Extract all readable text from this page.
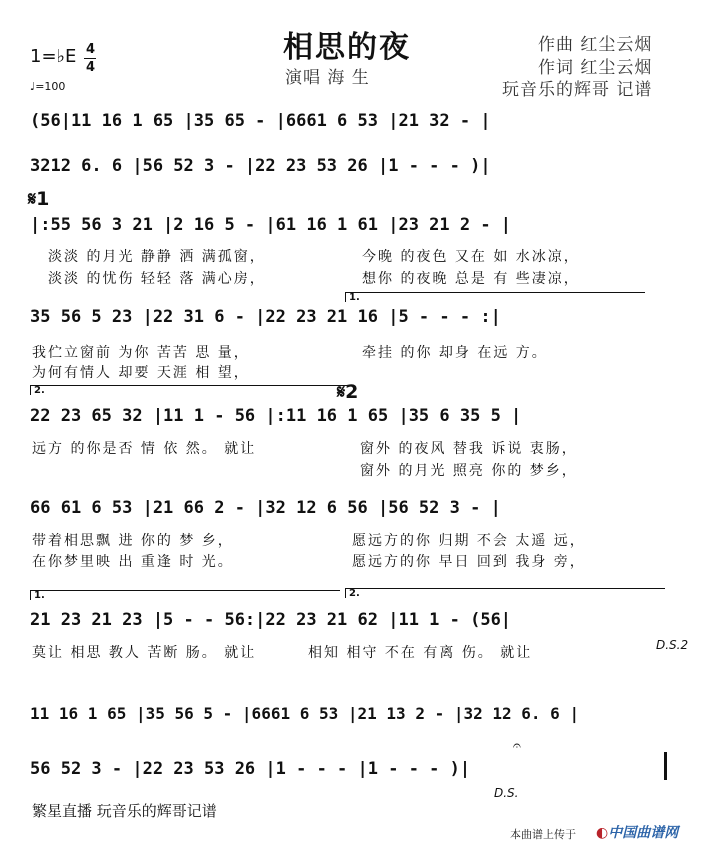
相思的夜
演唱 海 生
作曲 红尘云烟
作词 红尘云烟
玩音乐的辉哥 记谱
1=♭E 4
4
♩=100
(56|11 16 1 65 |35 65 - |6661 6 53 |21 32 - |
3212 6. 6 |56 52 3 - |22 23 53 26 |1 - - - )|
𝄋1
|:55 56 3 21 |2 16 5 - |61 16 1 61 |23 21 2 - |
淡淡 的月光 静静 洒 满孤窗，	今晚 的夜色 又在 如 水冰凉，
淡淡 的忧伤 轻轻 落 满心房，	想你 的夜晚 总是 有 些凄凉，
1.
35 56 5 23 |22 31 6 - |22 23 21 16 |5 - - - :|
我伫立窗前 为你 苦苦 思 量，	牵挂 的你 却身 在远 方。
为何有情人 却要 天涯 相 望，
2.	𝄋2
22 23 65 32 |11 1 - 56 |:11 16 1 65 |35 6 35 5 |
远方 的你是否 情 依 然。 就让	窗外 的夜风 替我 诉说 衷肠，
窗外 的月光 照亮 你的 梦乡，
66 61 6 53 |21 66 2 - |32 12 6 56 |56 52 3 - |
带着相思飘 进 你的 梦 乡，	愿远方的你 归期 不会 太遥 远，
在你梦里映 出 重逢 时 光。	愿远方的你 早日 回到 我身 旁，
1.	2.
21 23 21 23 |5 - - 56:|22 23 21 62 |11 1 - (56|
莫让 相思 教人 苦断 肠。 就让	相知 相守 不在 有离 伤。 就让	D.S.2
11 16 1 65 |35 56 5 - |6661 6 53 |21 13 2 - |32 12 6. 6 |
56 52 3 - |22 23 53 26 |1 - - - |1 - - - )|
𝄐
D.S.
繁星直播 玩音乐的辉哥记谱
本曲谱上传于 ◐中国曲谱网
